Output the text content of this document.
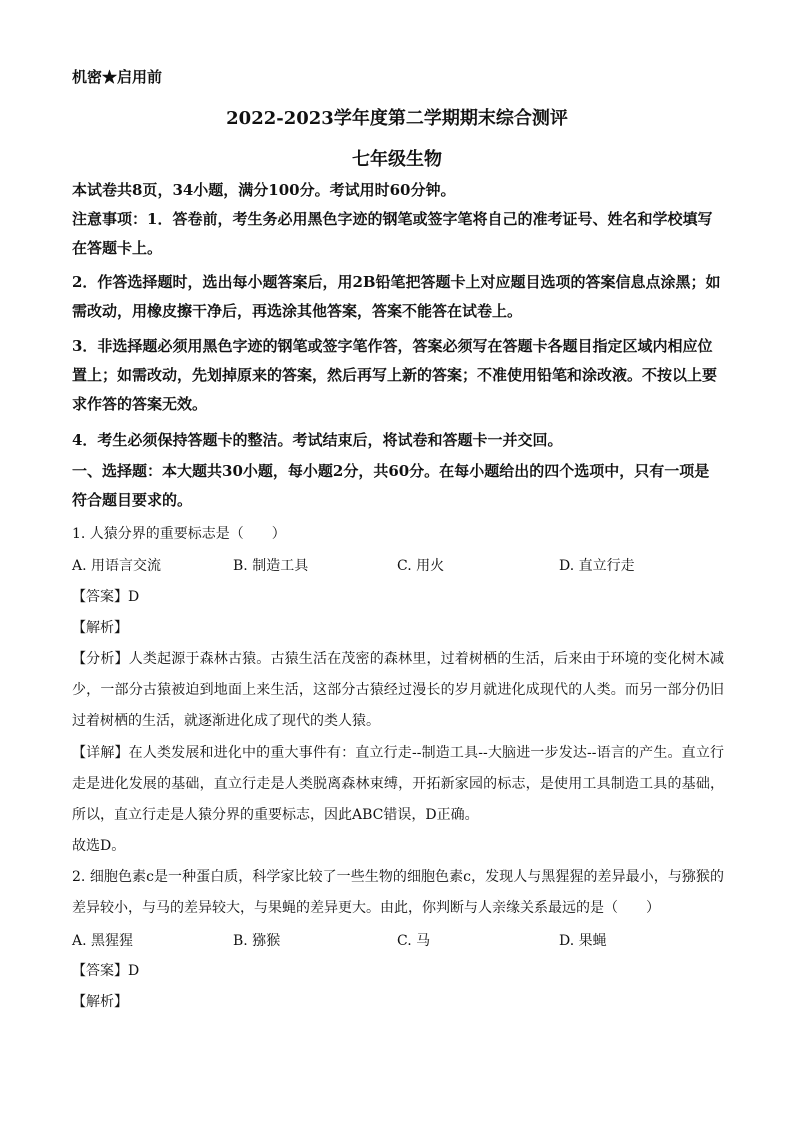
机密★启用前
2022-2023学年度第二学期期末综合测评
七年级生物
本试卷共8页，34小题，满分100分。考试用时60分钟。
注意事项：1．答卷前，考生务必用黑色字迹的钢笔或签字笔将自己的准考证号、姓名和学校填写在答题卡上。
2．作答选择题时，选出每小题答案后，用2B铅笔把答题卡上对应题目选项的答案信息点涂黑；如需改动，用橡皮擦干净后，再选涂其他答案，答案不能答在试卷上。
3．非选择题必须用黑色字迹的钢笔或签字笔作答，答案必须写在答题卡各题目指定区域内相应位置上；如需改动，先划掉原来的答案，然后再写上新的答案；不准使用铅笔和涂改液。不按以上要求作答的答案无效。
4．考生必须保持答题卡的整洁。考试结束后，将试卷和答题卡一并交回。
一、选择题：本大题共30小题，每小题2分，共60分。在每小题给出的四个选项中，只有一项是符合题目要求的。
1. 人猿分界的重要标志是（　　）
A. 用语言交流	B. 制造工具	C. 用火	D. 直立行走
【答案】D
【解析】
【分析】人类起源于森林古猿。古猿生活在茂密的森林里，过着树栖的生活，后来由于环境的变化树木减少，一部分古猿被迫到地面上来生活，这部分古猿经过漫长的岁月就进化成现代的人类。而另一部分仍旧过着树栖的生活，就逐渐进化成了现代的类人猿。
【详解】在人类发展和进化中的重大事件有：直立行走--制造工具--大脑进一步发达--语言的产生。直立行走是进化发展的基础，直立行走是人类脱离森林束缚，开拓新家园的标志，是使用工具制造工具的基础，所以，直立行走是人猿分界的重要标志，因此ABC错误，D正确。
故选D。
2. 细胞色素c是一种蛋白质，科学家比较了一些生物的细胞色素c，发现人与黑猩猩的差异最小，与猕猴的差异较小，与马的差异较大，与果蝇的差异更大。由此，你判断与人亲缘关系最远的是（　　）
A. 黑猩猩	B. 猕猴	C. 马	D. 果蝇
【答案】D
【解析】
